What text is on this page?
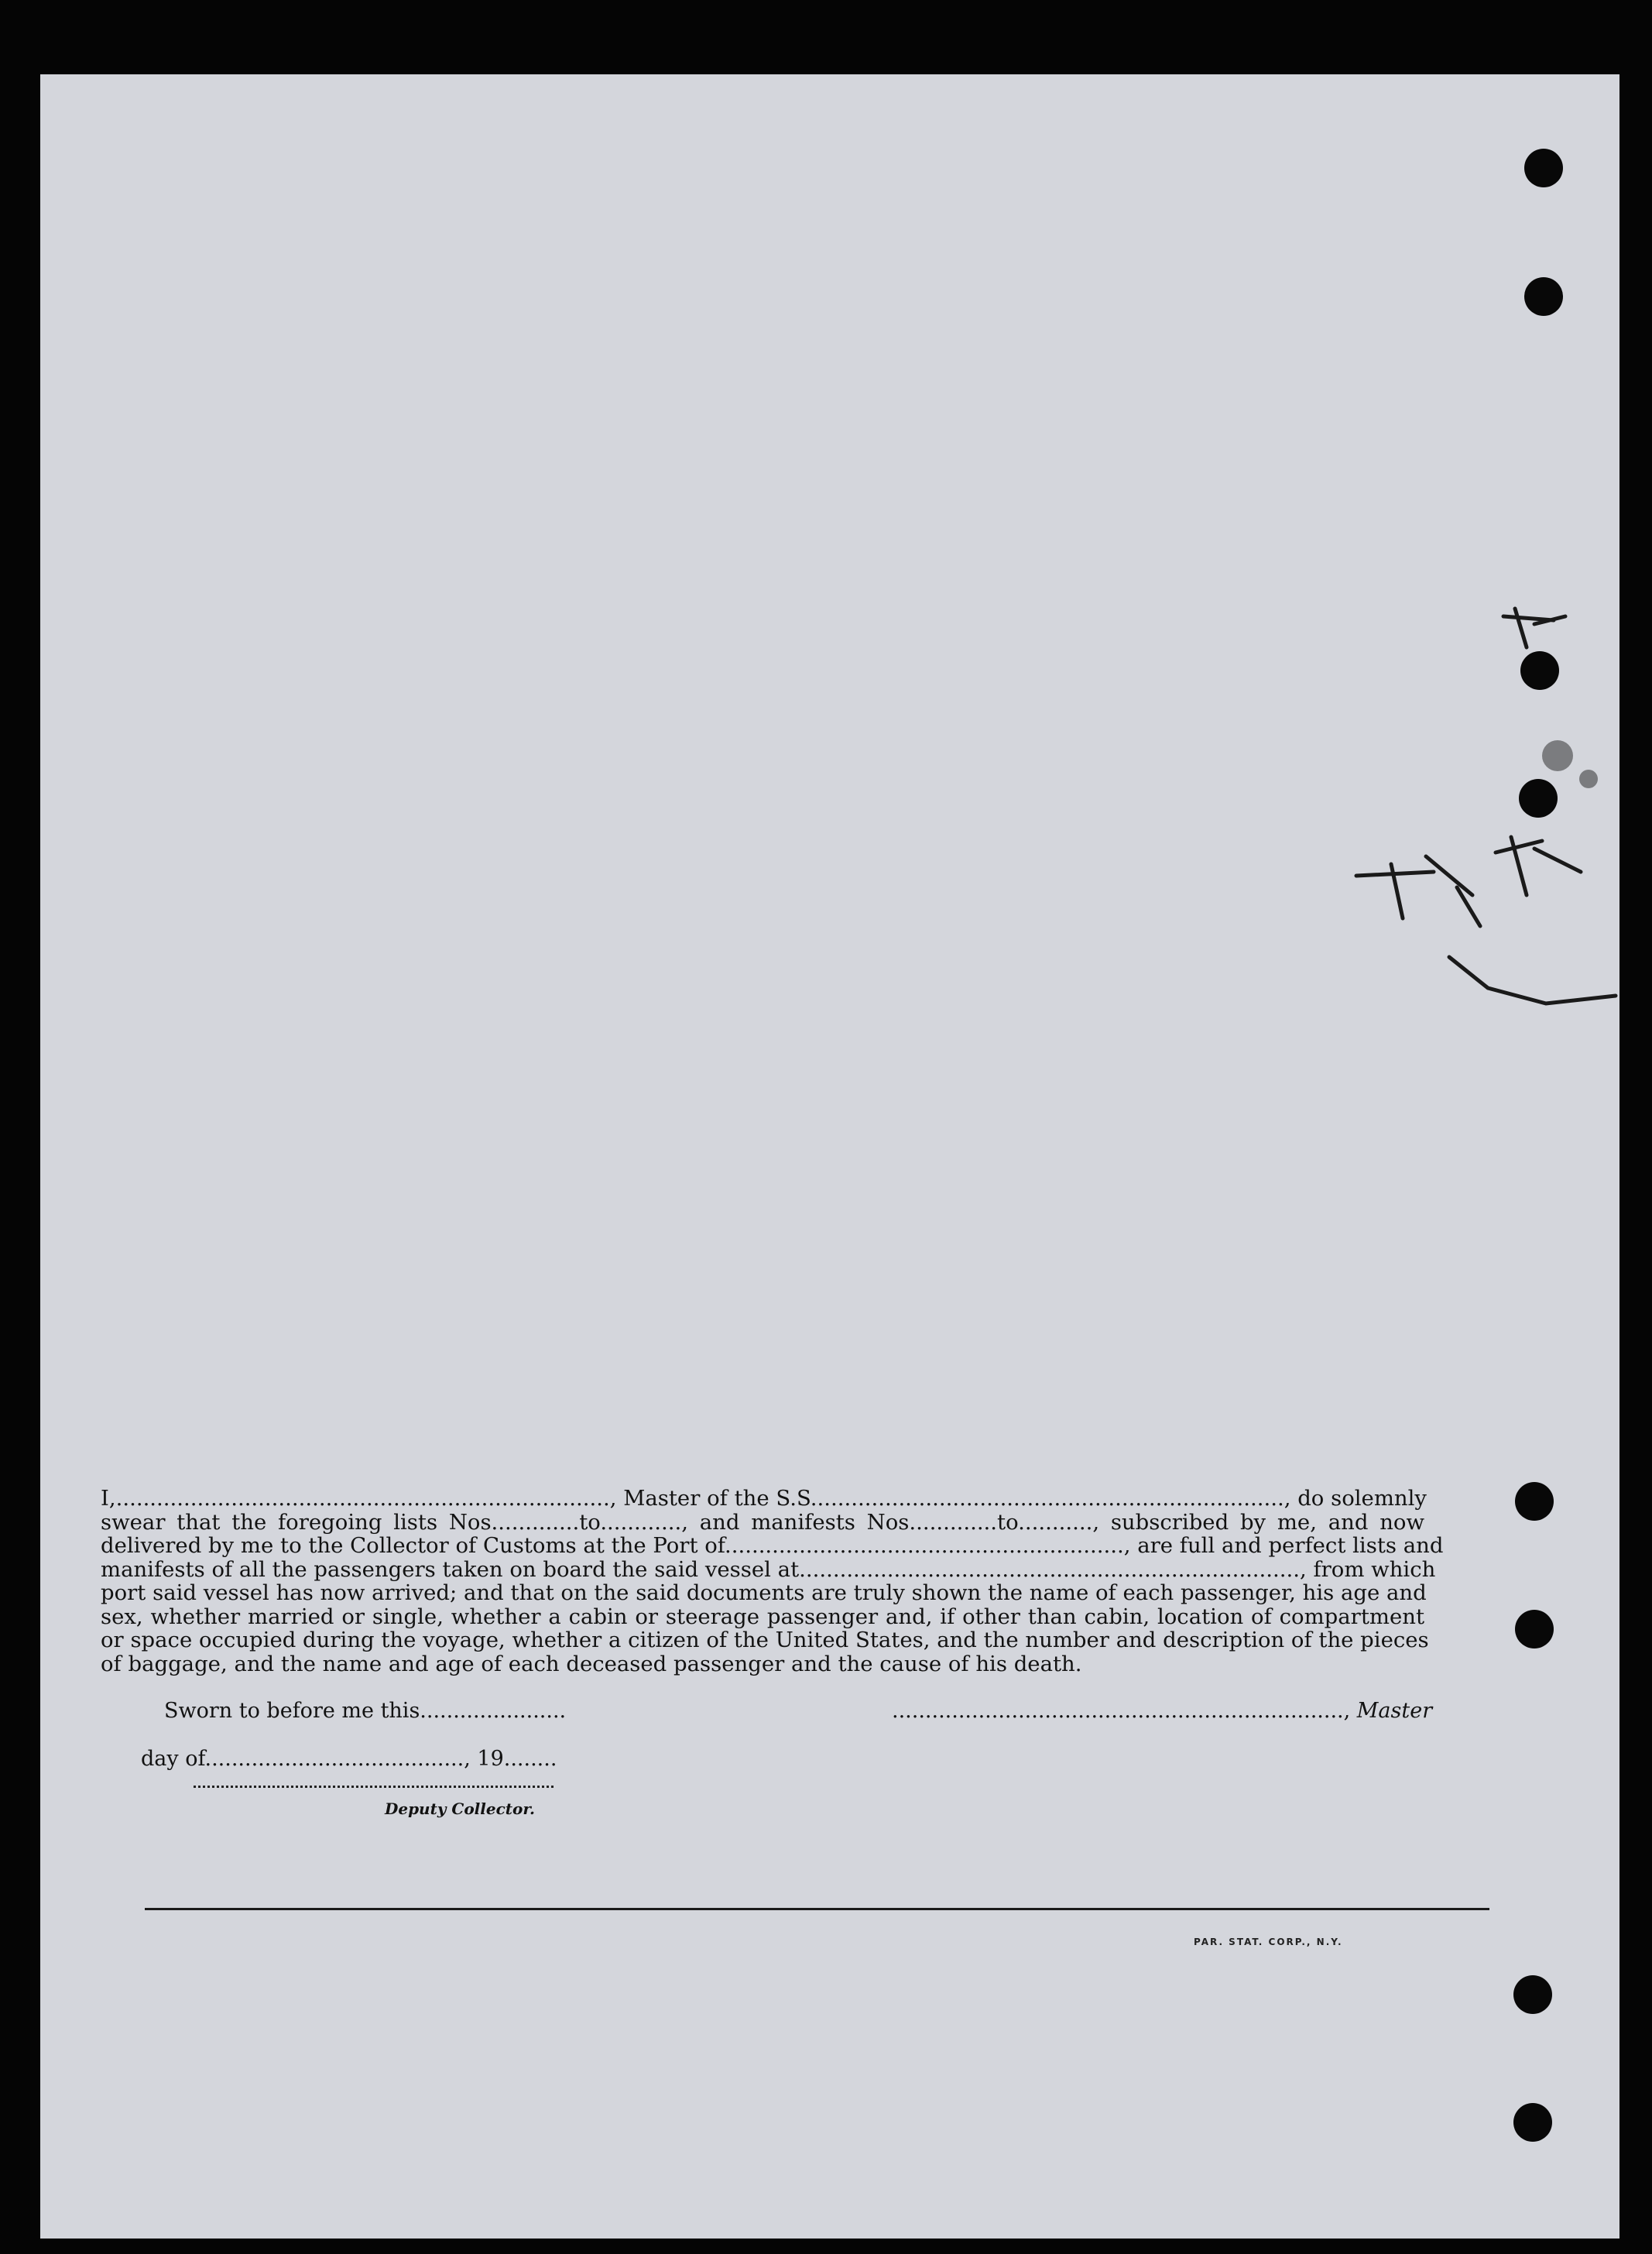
I,........................................................................., Master of the S.S......................................................................, do solemnly
swear that the foregoing lists Nos.............to............, and manifests Nos.............to..........., subscribed by me, and now
delivered by me to the Collector of Customs at the Port of..........................................................., are full and perfect lists and
manifests of all the passengers taken on board the said vessel at.........................................................................., from which
port said vessel has now arrived; and that on the said documents are truly shown the name of each passenger, his age and
sex, whether married or single, whether a cabin or steerage passenger and, if other than cabin, location of compartment
or space occupied during the voyage, whether a citizen of the United States, and the number and description of the pieces
of baggage, and the name and age of each deceased passenger and the cause of his death.
Sworn to before me this......................
day of......................................., 19........
...................................................................., Master
Deputy Collector.
PAR. STAT. CORP., N.Y.
